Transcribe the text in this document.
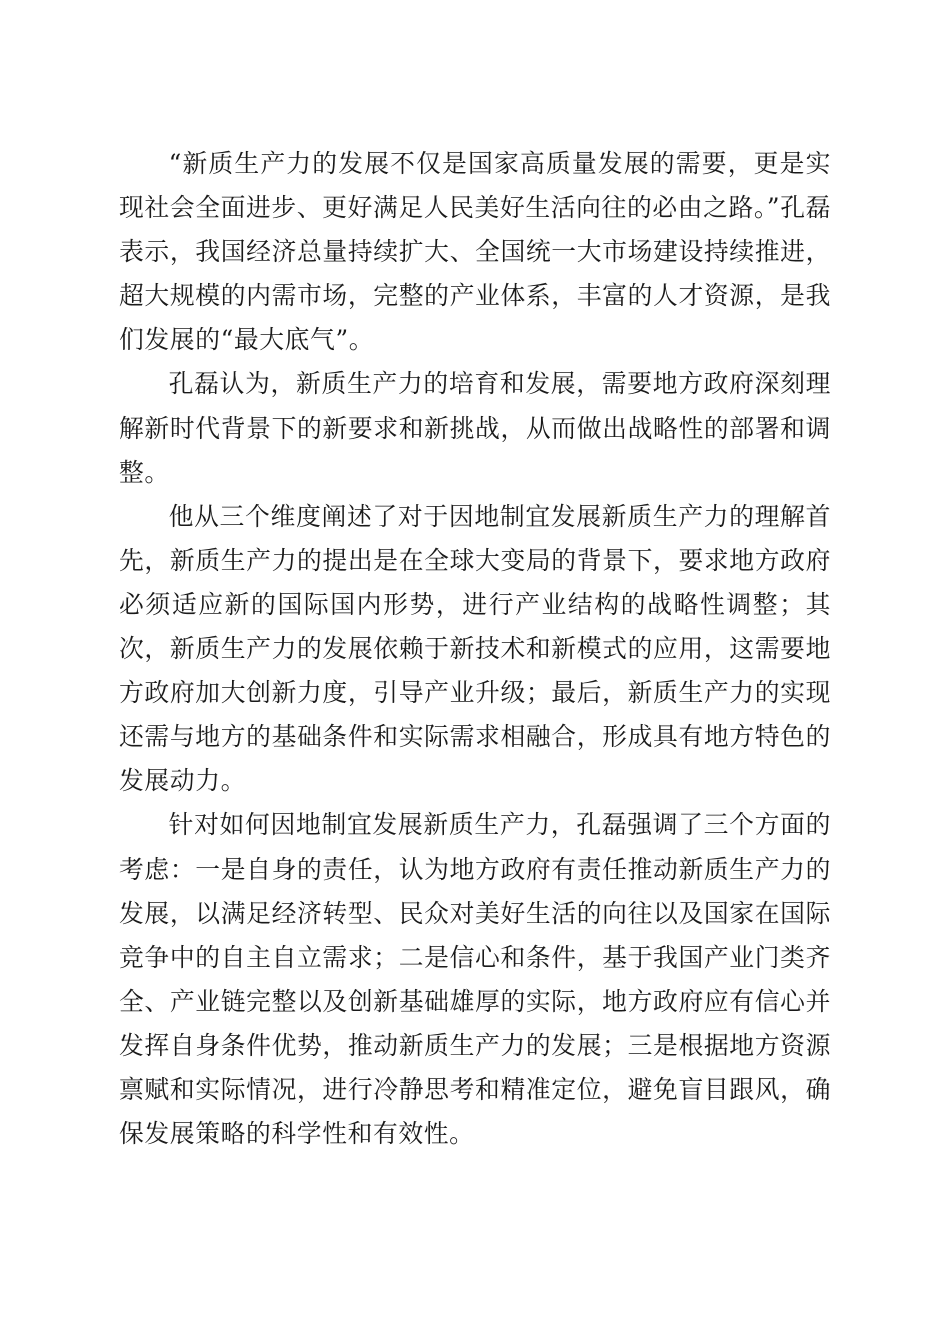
“新质生产力的发展不仅是国家高质量发展的需要，更是实现社会全面进步、更好满足人民美好生活向往的必由之路。”孔磊表示，我国经济总量持续扩大、全国统一大市场建设持续推进，超大规模的内需市场，完整的产业体系，丰富的人才资源，是我们发展的“最大底气”。

孔磊认为，新质生产力的培育和发展，需要地方政府深刻理解新时代背景下的新要求和新挑战，从而做出战略性的部署和调整。

他从三个维度阐述了对于因地制宜发展新质生产力的理解首先，新质生产力的提出是在全球大变局的背景下，要求地方政府必须适应新的国际国内形势，进行产业结构的战略性调整；其次，新质生产力的发展依赖于新技术和新模式的应用，这需要地方政府加大创新力度，引导产业升级；最后，新质生产力的实现还需与地方的基础条件和实际需求相融合，形成具有地方特色的发展动力。

针对如何因地制宜发展新质生产力，孔磊强调了三个方面的考虑：一是自身的责任，认为地方政府有责任推动新质生产力的发展，以满足经济转型、民众对美好生活的向往以及国家在国际竞争中的自主自立需求；二是信心和条件，基于我国产业门类齐全、产业链完整以及创新基础雄厚的实际，地方政府应有信心并发挥自身条件优势，推动新质生产力的发展；三是根据地方资源禀赋和实际情况，进行冷静思考和精准定位，避免盲目跟风，确保发展策略的科学性和有效性。
